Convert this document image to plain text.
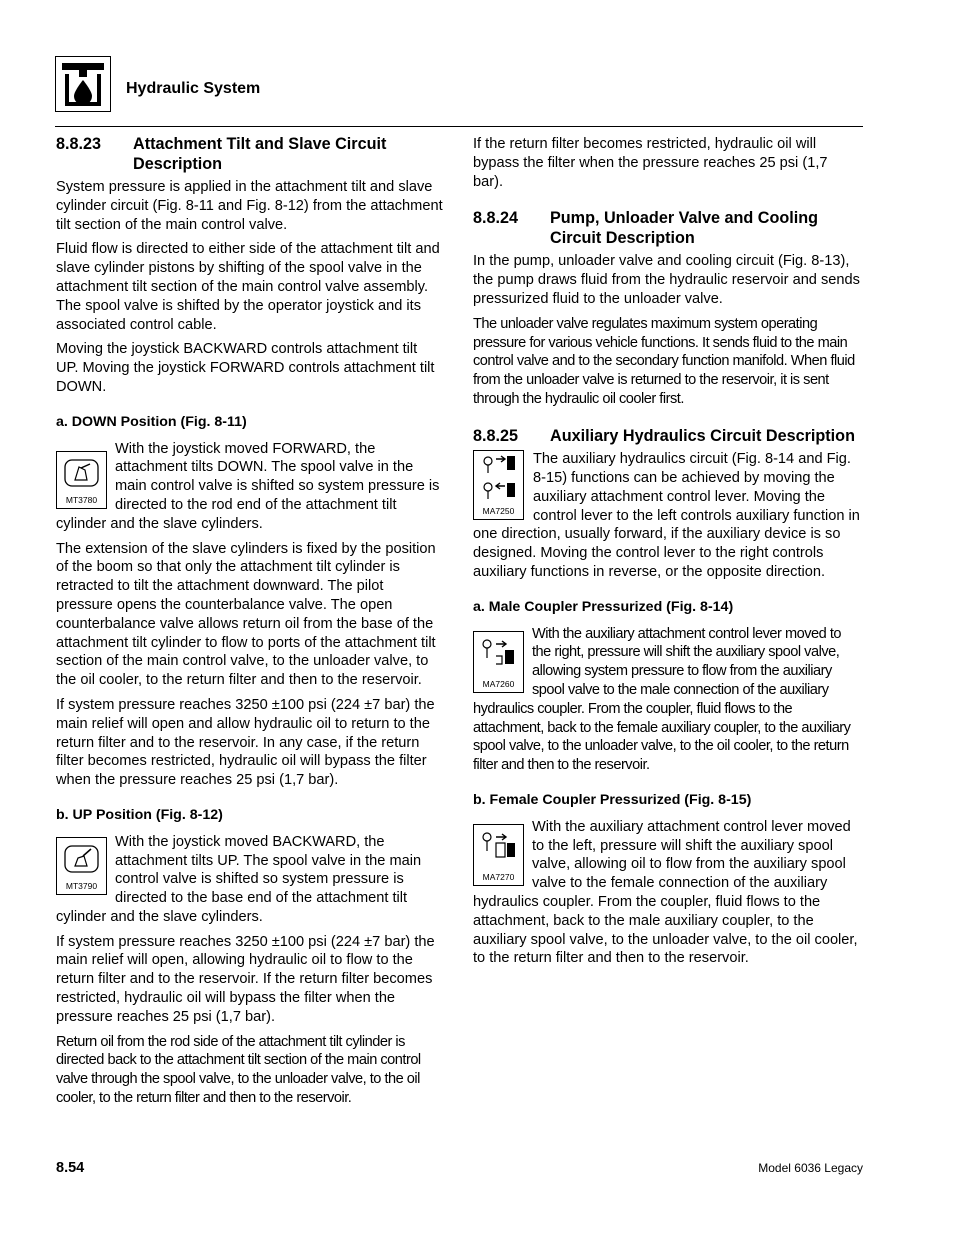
Hydraulic System
8.8.23	Attachment Tilt and Slave Circuit Description

System pressure is applied in the attachment tilt and slave cylinder circuit (Fig. 8-11 and Fig. 8-12) from the attachment tilt section of the main control valve.

Fluid flow is directed to either side of the attachment tilt and slave cylinder pistons by shifting of the spool valve in the attachment tilt section of the main control valve assembly. The spool valve is shifted by the operator joystick and its associated control cable.

Moving the joystick BACKWARD controls attachment tilt UP. Moving the joystick FORWARD controls attachment tilt DOWN.

a. DOWN Position (Fig. 8-11)
MT3780

With the joystick moved FORWARD, the attachment tilts DOWN. The spool valve in the main control valve is shifted so system pressure is directed to the rod end of the attachment tilt cylinder and the slave cylinders.

The extension of the slave cylinders is fixed by the position of the boom so that only the attachment tilt cylinder is retracted to tilt the attachment downward. The pilot pressure opens the counterbalance valve. The open counterbalance valve allows return oil from the base of the attachment tilt cylinder to flow to ports of the attachment tilt section of the main control valve, to the unloader valve, to the oil cooler, to the return filter and then to the reservoir.

If system pressure reaches 3250 ±100 psi (224 ±7 bar) the main relief will open and allow hydraulic oil to return to the return filter and to the reservoir. In any case, if the return filter becomes restricted, hydraulic oil will bypass the filter when the pressure reaches 25 psi (1,7 bar).

b. UP Position (Fig. 8-12)
MT3790

With the joystick moved BACKWARD, the attachment tilts UP. The spool valve in the main control valve is shifted so system pressure is directed to the base end of the attachment tilt cylinder and the slave cylinders.

If system pressure reaches 3250 ±100 psi (224 ±7 bar) the main relief will open, allowing hydraulic oil to flow to the return filter and to the reservoir. If the return filter becomes restricted, hydraulic oil will bypass the filter when the pressure reaches 25 psi (1,7 bar).

Return oil from the rod side of the attachment tilt cylinder is directed back to the attachment tilt section of the main control valve through the spool valve, to the unloader valve, to the oil cooler, to the return filter and then to the reservoir.

If the return filter becomes restricted, hydraulic oil will bypass the filter when the pressure reaches 25 psi (1,7 bar).

8.8.24	Pump, Unloader Valve and Cooling Circuit Description

In the pump, unloader valve and cooling circuit (Fig. 8-13), the pump draws fluid from the hydraulic reservoir and sends pressurized fluid to the unloader valve.

The unloader valve regulates maximum system operating pressure for various vehicle functions. It sends fluid to the main control valve and to the secondary function manifold. When fluid from the unloader valve is returned to the reservoir, it is sent through the hydraulic oil cooler first.

8.8.25	Auxiliary Hydraulics Circuit Description
MA7250

The auxiliary hydraulics circuit (Fig. 8-14 and Fig. 8-15) functions can be achieved by moving the auxiliary attachment control lever. Moving the control lever to the left controls auxiliary function in one direction, usually forward, if the auxiliary device is so designed. Moving the control lever to the right controls auxiliary functions in reverse, or the opposite direction.

a. Male Coupler Pressurized (Fig. 8-14)
MA7260

With the auxiliary attachment control lever moved to the right, pressure will shift the auxiliary spool valve, allowing system pressure to flow from the auxiliary spool valve to the male connection of the auxiliary hydraulics coupler. From the coupler, fluid flows to the attachment, back to the female auxiliary coupler, to the auxiliary spool valve, to the unloader valve, to the oil cooler, to the return filter and then to the reservoir.

b. Female Coupler Pressurized (Fig. 8-15)
MA7270

With the auxiliary attachment control lever moved to the left, pressure will shift the auxiliary spool valve, allowing oil to flow from the auxiliary spool valve to the female connection of the auxiliary hydraulics coupler. From the coupler, fluid flows to the attachment, back to the male auxiliary coupler, to the auxiliary spool valve, to the unloader valve, to the oil cooler, to the return filter and then to the reservoir.

8.54	Model 6036 Legacy
